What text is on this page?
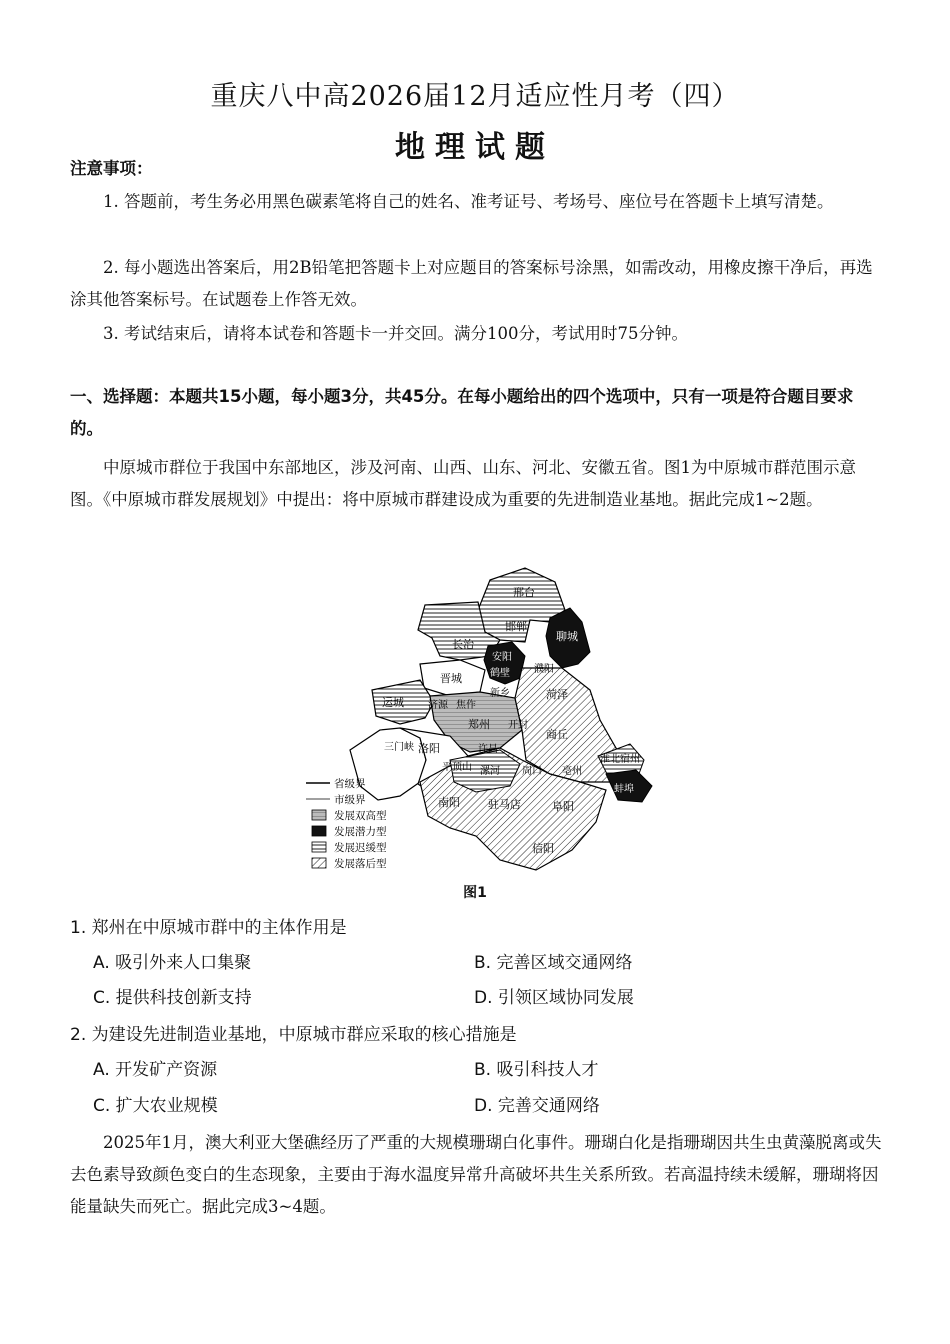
重庆八中高2026届12月适应性月考（四）
地理试题
注意事项：
1. 答题前，考生务必用黑色碳素笔将自己的姓名、准考证号、考场号、座位号在答题卡上填写清楚。
2. 每小题选出答案后，用2B铅笔把答题卡上对应题目的答案标号涂黑，如需改动，用橡皮擦干净后，再选涂其他答案标号。在试题卷上作答无效。
3. 考试结束后，请将本试卷和答题卡一并交回。满分100分，考试用时75分钟。
一、选择题：本题共15小题，每小题3分，共45分。在每小题给出的四个选项中，只有一项是符合题目要求的。
中原城市群位于我国中东部地区，涉及河南、山西、山东、河北、安徽五省。图1为中原城市群范围示意图。《中原城市群发展规划》中提出：将中原城市群建设成为重要的先进制造业基地。据此完成1~2题。
邢台
邯郸
聊城
长治
安阳
鹤壁 濮阳
晋城
新乡	菏泽
运城 济源 焦作
郑州 开封
商丘
三门峡 洛阳	许昌
平顶山 漯河 周口 亳州
淮北 宿州
蚌埠
南阳	驻马店	阜阳
信阳
省级界
市级界
发展双高型
发展潜力型
发展迟缓型
发展落后型
图1
1. 郑州在中原城市群中的主体作用是
A. 吸引外来人口集聚	B. 完善区域交通网络
C. 提供科技创新支持	D. 引领区域协同发展
2. 为建设先进制造业基地，中原城市群应采取的核心措施是
A. 开发矿产资源	B. 吸引科技人才
C. 扩大农业规模	D. 完善交通网络
2025年1月，澳大利亚大堡礁经历了严重的大规模珊瑚白化事件。珊瑚白化是指珊瑚因共生虫黄藻脱离或失去色素导致颜色变白的生态现象，主要由于海水温度异常升高破坏共生关系所致。若高温持续未缓解，珊瑚将因能量缺失而死亡。据此完成3~4题。
